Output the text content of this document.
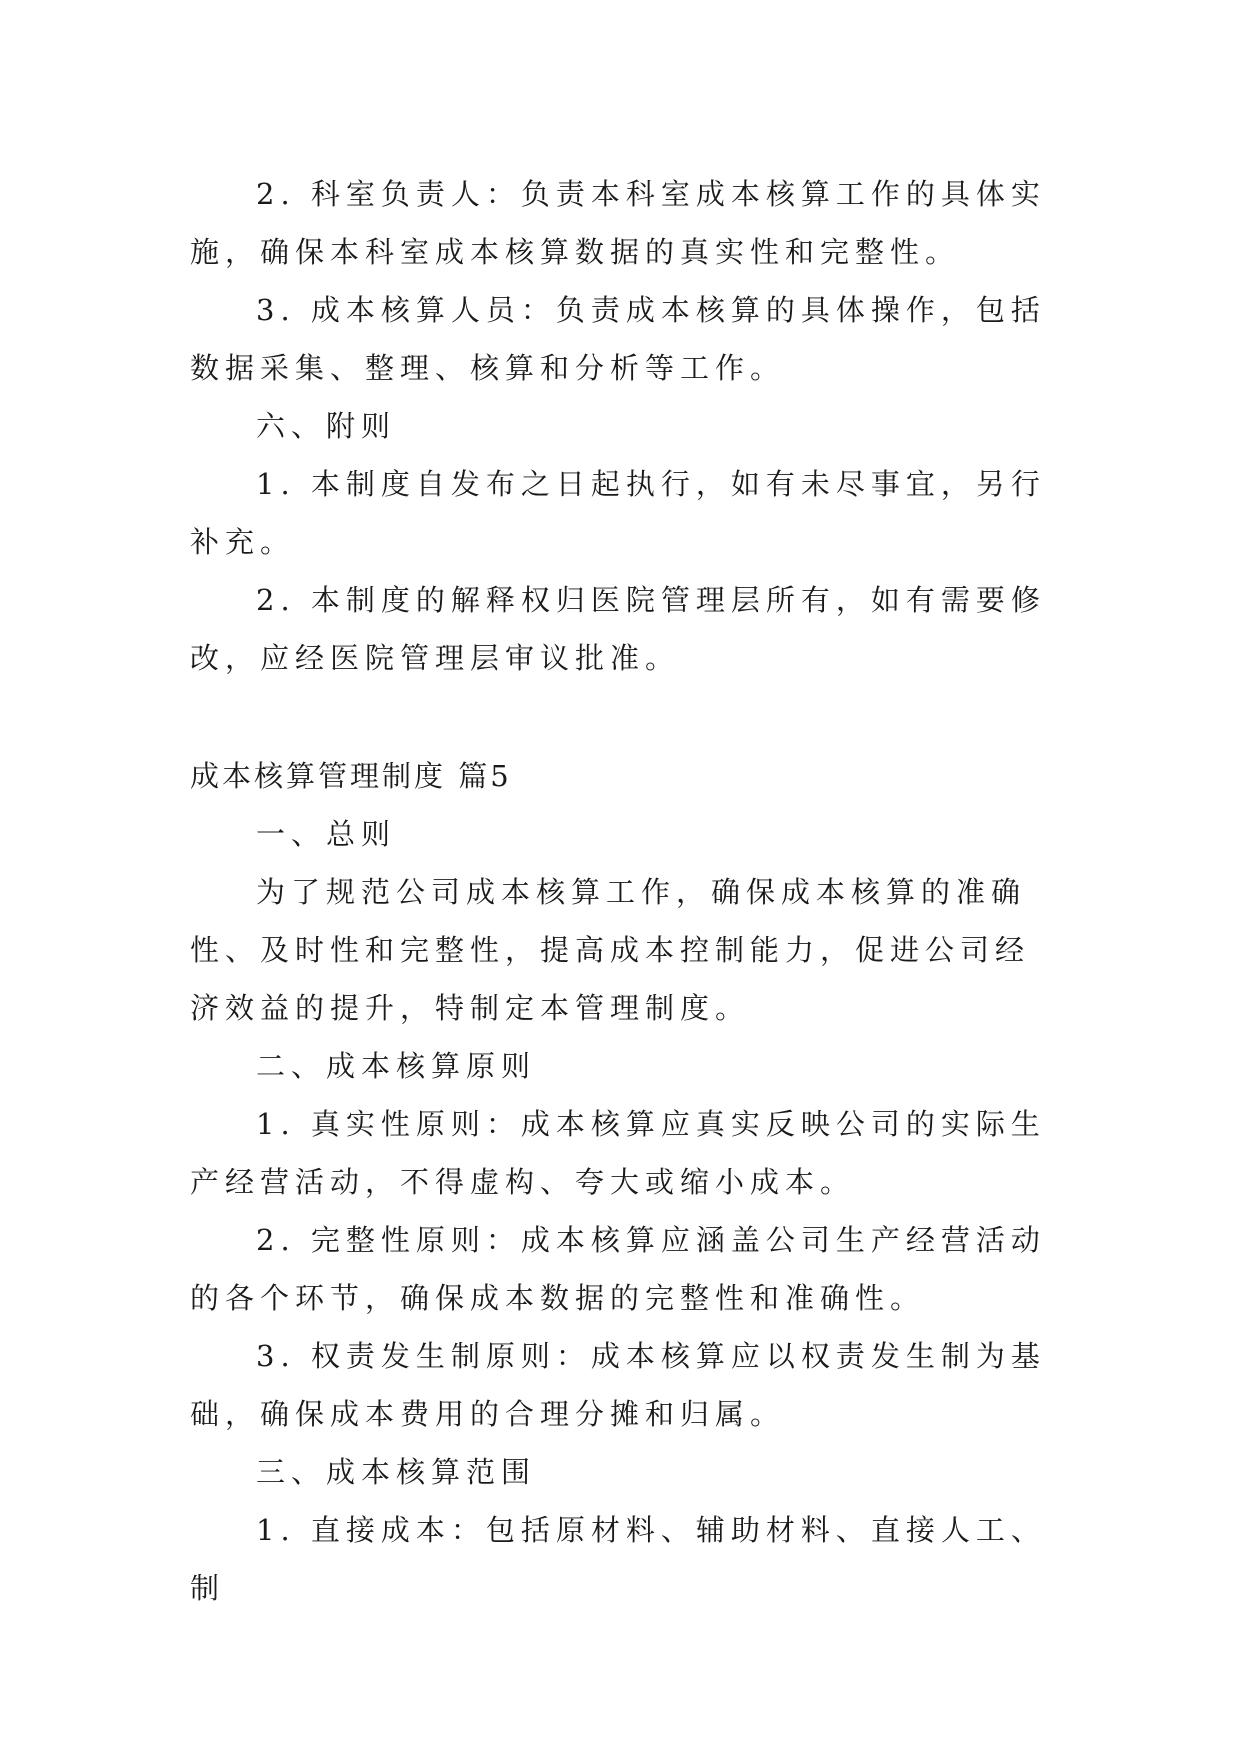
2. 科室负责人：负责本科室成本核算工作的具体实施，确保本科室成本核算数据的真实性和完整性。

3. 成本核算人员：负责成本核算的具体操作，包括数据采集、整理、核算和分析等工作。

六、附则

1. 本制度自发布之日起执行，如有未尽事宜，另行补充。

2. 本制度的解释权归医院管理层所有，如有需要修改，应经医院管理层审议批准。

成本核算管理制度 篇5

一、总则

为了规范公司成本核算工作，确保成本核算的准确性、及时性和完整性，提高成本控制能力，促进公司经济效益的提升，特制定本管理制度。

二、成本核算原则

1. 真实性原则：成本核算应真实反映公司的实际生产经营活动，不得虚构、夸大或缩小成本。

2. 完整性原则：成本核算应涵盖公司生产经营活动的各个环节，确保成本数据的完整性和准确性。

3. 权责发生制原则：成本核算应以权责发生制为基础，确保成本费用的合理分摊和归属。

三、成本核算范围

1. 直接成本：包括原材料、辅助材料、直接人工、制
